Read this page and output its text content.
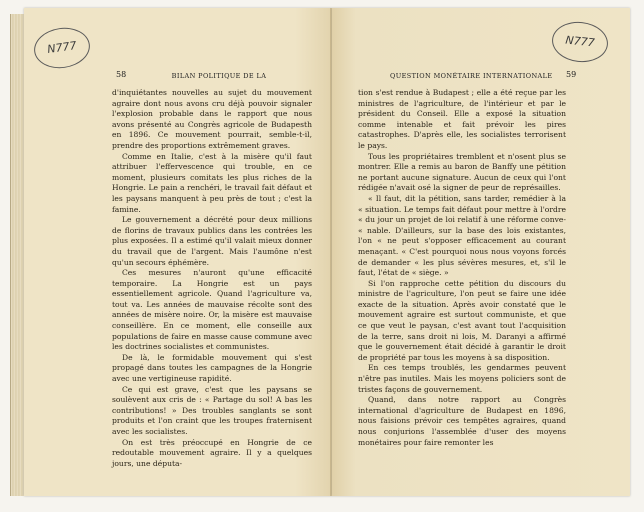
N777
58	BILAN POLITIQUE DE LA

d'inquiétantes nouvelles au sujet du mouvement agraire dont nous avons cru déjà pouvoir signaler l'explosion probable dans le rapport que nous avons présenté au Congrès agricole de Budapesth en 1896. Ce mouvement pourrait, semble-t-il, prendre des proportions extrêmement graves.

Comme en Italie, c'est à la misère qu'il faut attribuer l'effervescence qui trouble, en ce moment, plusieurs comitats les plus riches de la Hongrie. Le pain a renchéri, le travail fait défaut et les paysans manquent à peu près de tout ; c'est la famine.

Le gouvernement a décrété pour deux millions de florins de travaux publics dans les contrées les plus exposées. Il a estimé qu'il valait mieux donner du travail que de l'argent. Mais l'aumône n'est qu'un secours éphémère.

Ces mesures n'auront qu'une efficacité temporaire. La Hongrie est un pays essentiellement agricole. Quand l'agriculture va, tout va. Les années de mauvaise récolte sont des années de misère noire. Or, la misère est mauvaise conseillère. En ce moment, elle conseille aux populations de faire en masse cause commune avec les doctrines socialistes et communistes.

De là, le formidable mouvement qui s'est propagé dans toutes les campagnes de la Hongrie avec une vertigineuse rapidité.

Ce qui est grave, c'est que les paysans se soulèvent aux cris de : « Partage du sol! A bas les contributions! » Des troubles sanglants se sont produits et l'on craint que les troupes fraternisent avec les socialistes.

On est très préoccupé en Hongrie de ce redoutable mouvement agraire. Il y a quelques jours, une députa-

N777
QUESTION MONÉTAIRE INTERNATIONALE	59

tion s'est rendue à Budapest ; elle a été reçue par les ministres de l'agriculture, de l'intérieur et par le président du Conseil. Elle a exposé la situation comme intenable et fait prévoir les pires catastrophes. D'après elle, les socialistes terrorisent le pays.

Tous les propriétaires tremblent et n'osent plus se montrer. Elle a remis au baron de Banffy une pétition ne portant aucune signature. Aucun de ceux qui l'ont rédigée n'avait osé la signer de peur de représailles.

« Il faut, dit la pétition, sans tarder, remédier à la « situation. Le temps fait défaut pour mettre à l'ordre « du jour un projet de loi relatif à une réforme conve- « nable. D'ailleurs, sur la base des lois existantes, l'on « ne peut s'opposer efficacement au courant menaçant. « C'est pourquoi nous nous voyons forcés de demander « les plus sévères mesures, et, s'il le faut, l'état de « siège. »

Si l'on rapproche cette pétition du discours du ministre de l'agriculture, l'on peut se faire une idée exacte de la situation. Après avoir constaté que le mouvement agraire est surtout communiste, et que ce que veut le paysan, c'est avant tout l'acquisition de la terre, sans droit ni lois, M. Daranyi a affirmé que le gouvernement était décidé à garantir le droit de propriété par tous les moyens à sa disposition.

En ces temps troublés, les gendarmes peuvent n'être pas inutiles. Mais les moyens policiers sont de tristes façons de gouvernement.

Quand, dans notre rapport au Congrès international d'agriculture de Budapest en 1896, nous faisions prévoir ces tempêtes agraires, quand nous conjurions l'assemblée d'user des moyens monétaires pour faire remonter les
